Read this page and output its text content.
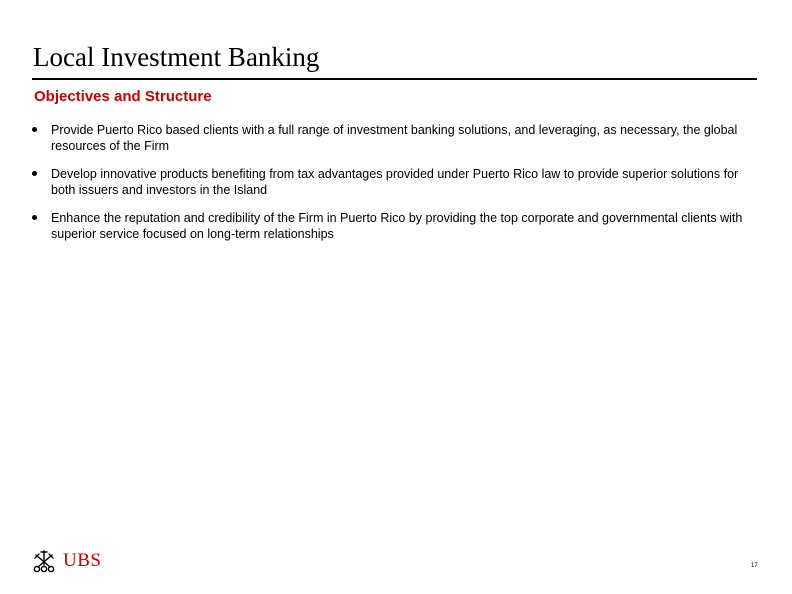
Local Investment Banking
Objectives and Structure
Provide Puerto Rico based clients with a full range of investment banking solutions, and leveraging, as necessary, the global resources of the Firm
Develop innovative products benefiting from tax advantages provided under Puerto Rico law to provide superior solutions for both issuers and investors in the Island
Enhance the reputation and credibility of the Firm in Puerto Rico by providing the top corporate and governmental clients with superior service focused on long-term relationships
UBS	17
